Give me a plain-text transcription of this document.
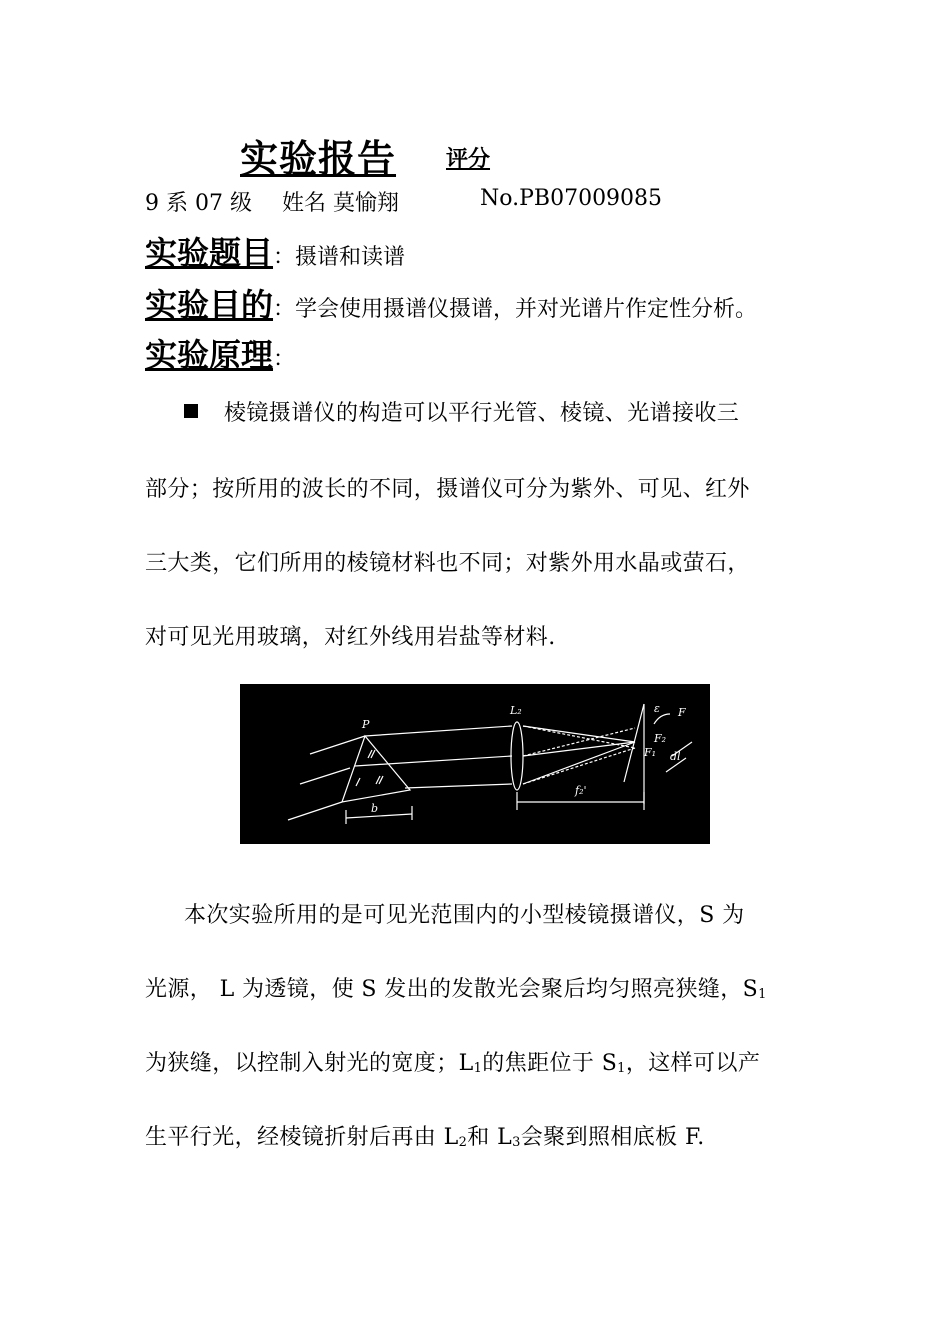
实验报告 评分
9 系 07 级 姓名 莫愉翔	No.PB07009085
实验题目：摄谱和读谱
实验目的：学会使用摄谱仪摄谱，并对光谱片作定性分析。
实验原理：
棱镜摄谱仪的构造可以平行光管、棱镜、光谱接收三
部分；按所用的波长的不同，摄谱仪可分为紫外、可见、红外
三大类，它们所用的棱镜材料也不同；对紫外用水晶或萤石，
对可见光用玻璃，对红外线用岩盐等材料.
P
L₂
f₂'
b
ε F
F₂
F₁ dl
本次实验所用的是可见光范围内的小型棱镜摄谱仪，S 为
光源， L 为透镜，使 S 发出的发散光会聚后均匀照亮狭缝，$S_1$
为狭缝，以控制入射光的宽度；$L_1$的焦距位于 $S_1$，这样可以产
生平行光，经棱镜折射后再由 $L_2$和 $L_3$会聚到照相底板 F.
